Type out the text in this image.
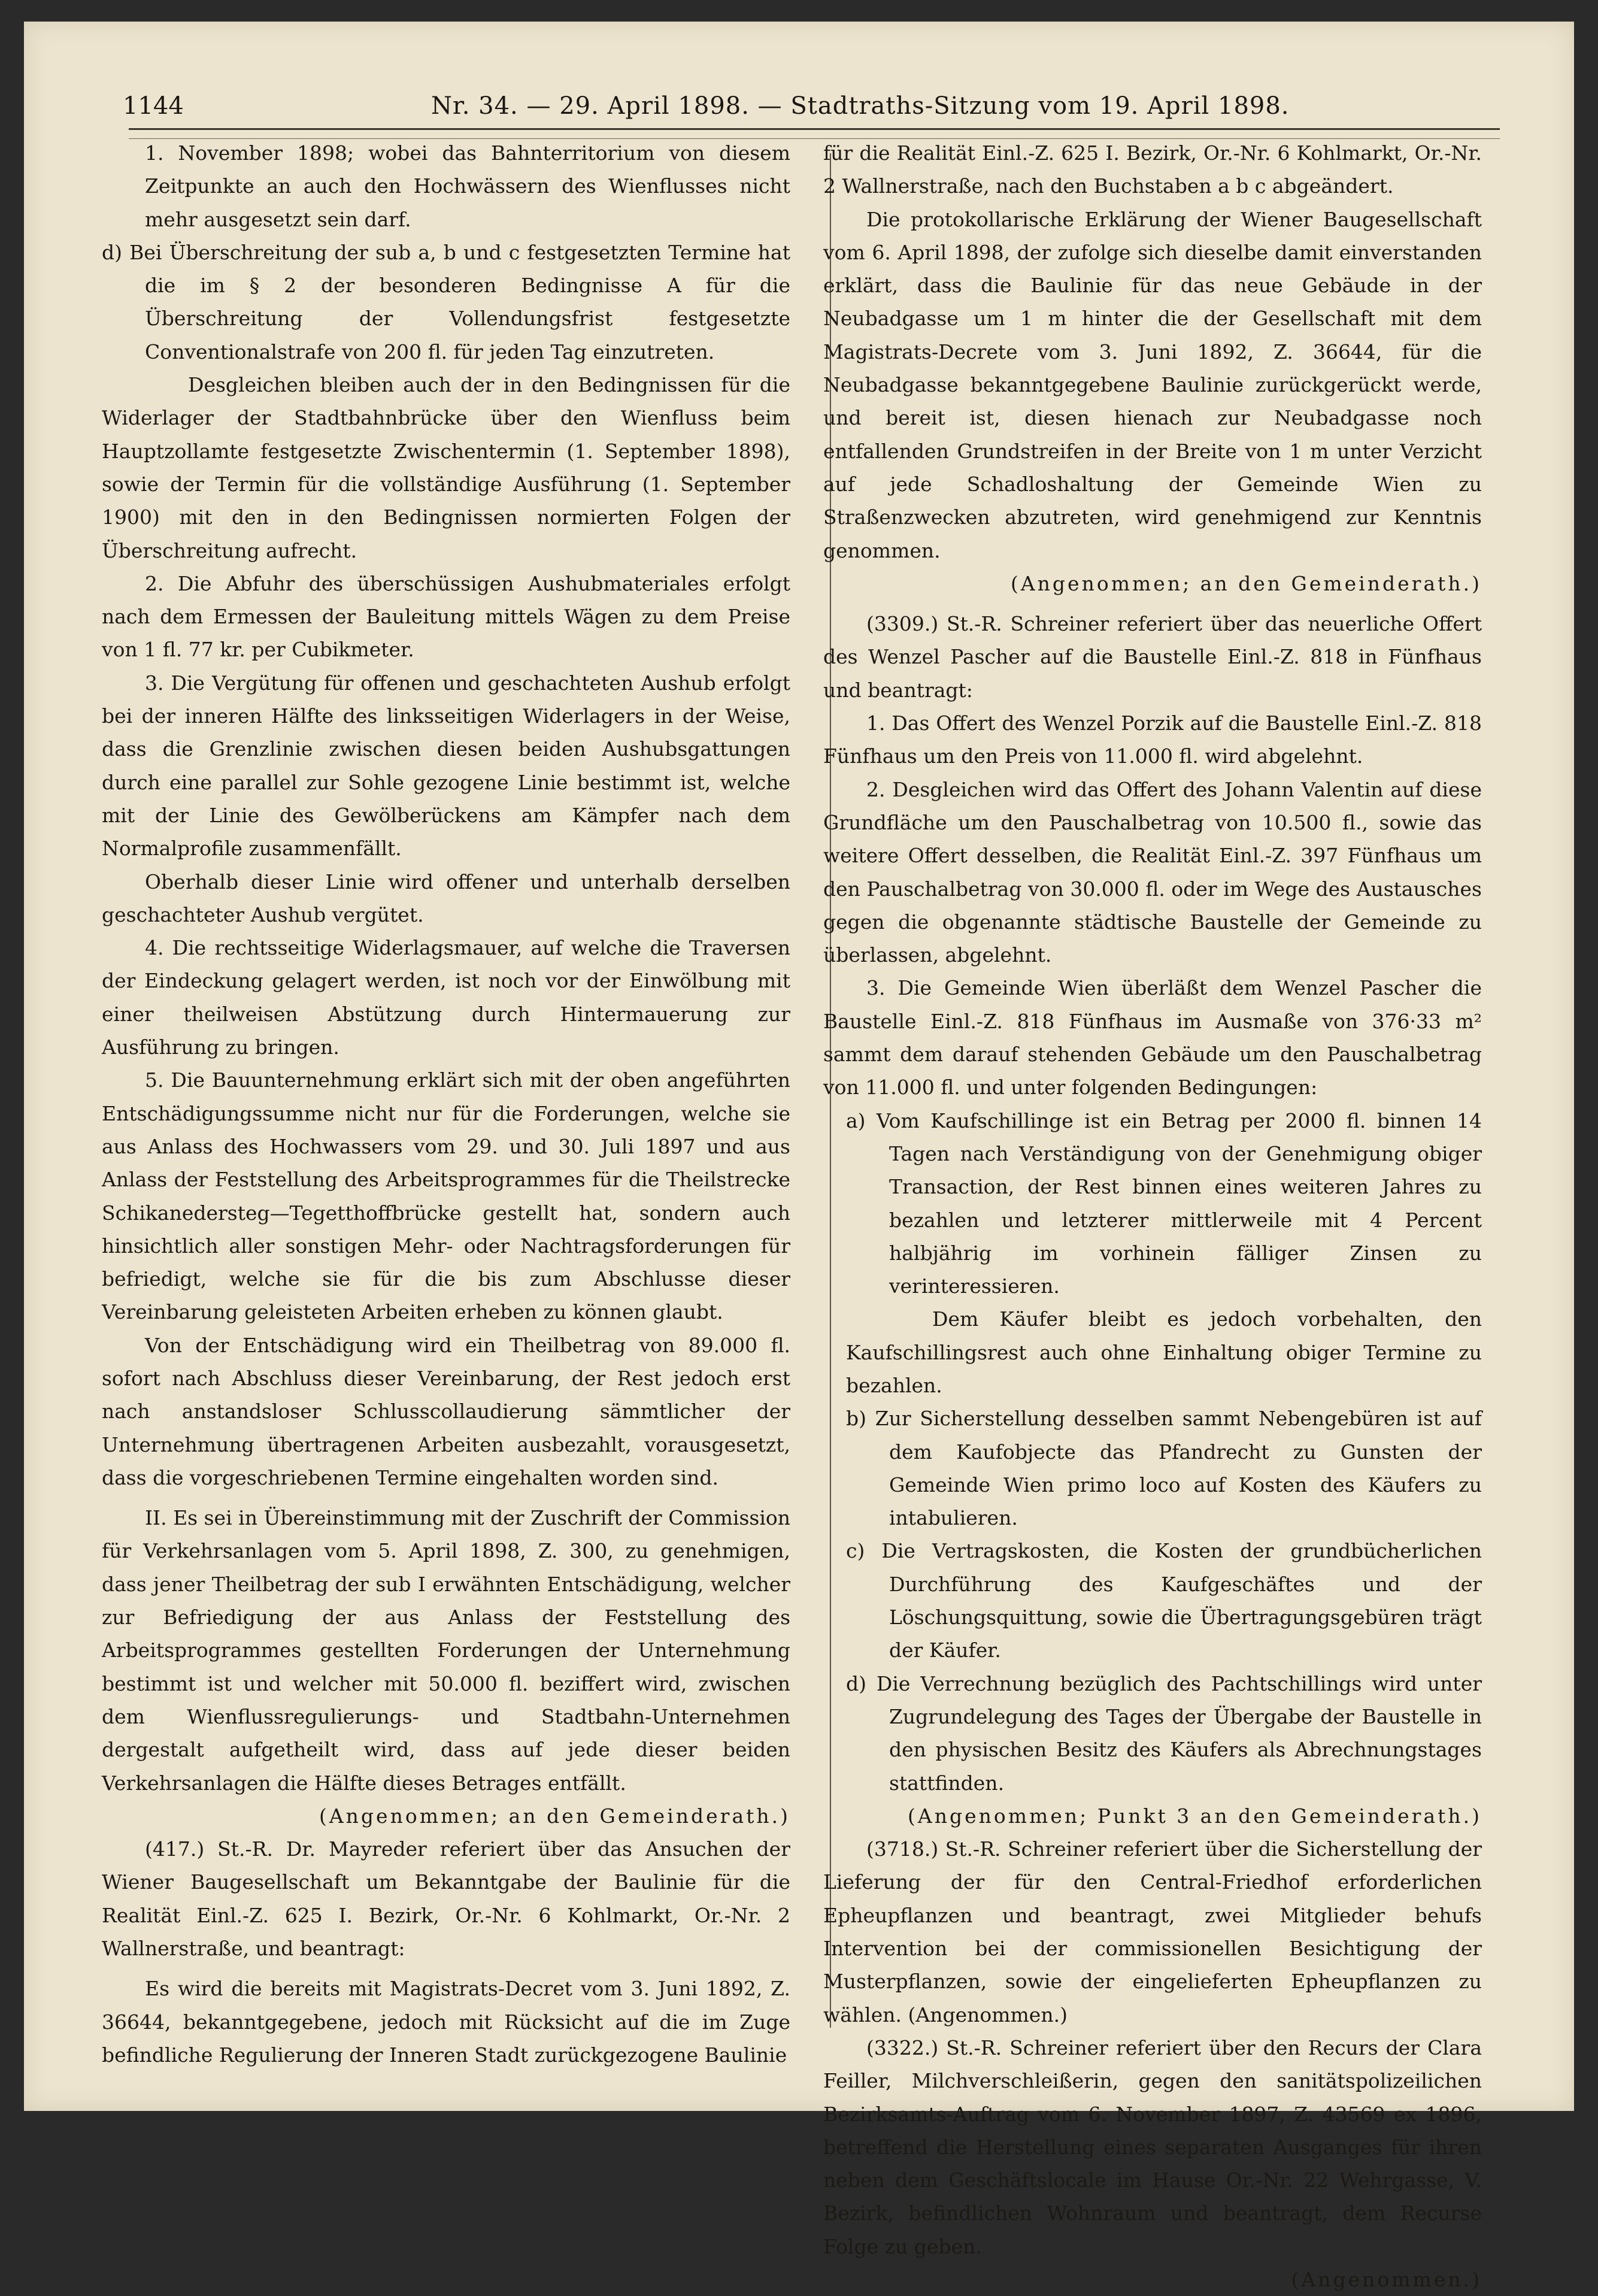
1144	Nr. 34. — 29. April 1898. — Stadtraths-Sitzung vom 19. April 1898.

1. November 1898; wobei das Bahnterritorium von diesem Zeitpunkte an auch den Hochwässern des Wienflusses nicht mehr ausgesetzt sein darf.

d) Bei Überschreitung der sub a, b und c festgesetzten Termine hat die im § 2 der besonderen Bedingnisse A für die Überschreitung der Vollendungsfrist festgesetzte Conventionalstrafe von 200 fl. für jeden Tag einzutreten.

Desgleichen bleiben auch der in den Bedingnissen für die Widerlager der Stadtbahnbrücke über den Wienfluss beim Hauptzollamte festgesetzte Zwischentermin (1. September 1898), sowie der Termin für die vollständige Ausführung (1. September 1900) mit den in den Bedingnissen normierten Folgen der Überschreitung aufrecht.

2. Die Abfuhr des überschüssigen Aushubmateriales erfolgt nach dem Ermessen der Bauleitung mittels Wägen zu dem Preise von 1 fl. 77 kr. per Cubikmeter.

3. Die Vergütung für offenen und geschachteten Aushub erfolgt bei der inneren Hälfte des linksseitigen Widerlagers in der Weise, dass die Grenzlinie zwischen diesen beiden Aushubsgattungen durch eine parallel zur Sohle gezogene Linie bestimmt ist, welche mit der Linie des Gewölberückens am Kämpfer nach dem Normalprofile zusammenfällt.

Oberhalb dieser Linie wird offener und unterhalb derselben geschachteter Aushub vergütet.

4. Die rechtsseitige Widerlagsmauer, auf welche die Traversen der Eindeckung gelagert werden, ist noch vor der Einwölbung mit einer theilweisen Abstützung durch Hintermauerung zur Ausführung zu bringen.

5. Die Bauunternehmung erklärt sich mit der oben angeführten Entschädigungssumme nicht nur für die Forderungen, welche sie aus Anlass des Hochwassers vom 29. und 30. Juli 1897 und aus Anlass der Feststellung des Arbeitsprogrammes für die Theilstrecke Schikanedersteg—Tegetthoffbrücke gestellt hat, sondern auch hinsichtlich aller sonstigen Mehr- oder Nachtragsforderungen für befriedigt, welche sie für die bis zum Abschlusse dieser Vereinbarung geleisteten Arbeiten erheben zu können glaubt.

Von der Entschädigung wird ein Theilbetrag von 89.000 fl. sofort nach Abschluss dieser Vereinbarung, der Rest jedoch erst nach anstandsloser Schlusscollaudierung sämmtlicher der Unternehmung übertragenen Arbeiten ausbezahlt, vorausgesetzt, dass die vorgeschriebenen Termine eingehalten worden sind.

II. Es sei in Übereinstimmung mit der Zuschrift der Commission für Verkehrsanlagen vom 5. April 1898, Z. 300, zu genehmigen, dass jener Theilbetrag der sub I erwähnten Entschädigung, welcher zur Befriedigung der aus Anlass der Feststellung des Arbeitsprogrammes gestellten Forderungen der Unternehmung bestimmt ist und welcher mit 50.000 fl. beziffert wird, zwischen dem Wienflussregulierungs- und Stadtbahn-Unternehmen dergestalt aufgetheilt wird, dass auf jede dieser beiden Verkehrsanlagen die Hälfte dieses Betrages entfällt.

(Angenommen; an den Gemeinderath.)

(417.) St.-R. Dr. Mayreder referiert über das Ansuchen der Wiener Baugesellschaft um Bekanntgabe der Baulinie für die Realität Einl.-Z. 625 I. Bezirk, Or.-Nr. 6 Kohlmarkt, Or.-Nr. 2 Wallnerstraße, und beantragt:

Es wird die bereits mit Magistrats-Decret vom 3. Juni 1892, Z. 36644, bekanntgegebene, jedoch mit Rücksicht auf die im Zuge befindliche Regulierung der Inneren Stadt zurückgezogene Baulinie

für die Realität Einl.-Z. 625 I. Bezirk, Or.-Nr. 6 Kohlmarkt, Or.-Nr. 2 Wallnerstraße, nach den Buchstaben a b c abgeändert.

Die protokollarische Erklärung der Wiener Baugesellschaft vom 6. April 1898, der zufolge sich dieselbe damit einverstanden erklärt, dass die Baulinie für das neue Gebäude in der Neubadgasse um 1 m hinter die der Gesellschaft mit dem Magistrats-Decrete vom 3. Juni 1892, Z. 36644, für die Neubadgasse bekanntgegebene Baulinie zurückgerückt werde, und bereit ist, diesen hienach zur Neubadgasse noch entfallenden Grundstreifen in der Breite von 1 m unter Verzicht auf jede Schadloshaltung der Gemeinde Wien zu Straßenzwecken abzutreten, wird genehmigend zur Kenntnis genommen.

(Angenommen; an den Gemeinderath.)

(3309.) St.-R. Schreiner referiert über das neuerliche Offert des Wenzel Pascher auf die Baustelle Einl.-Z. 818 in Fünfhaus und beantragt:

1. Das Offert des Wenzel Porzik auf die Baustelle Einl.-Z. 818 Fünfhaus um den Preis von 11.000 fl. wird abgelehnt.

2. Desgleichen wird das Offert des Johann Valentin auf diese Grundfläche um den Pauschalbetrag von 10.500 fl., sowie das weitere Offert desselben, die Realität Einl.-Z. 397 Fünfhaus um den Pauschalbetrag von 30.000 fl. oder im Wege des Austausches gegen die obgenannte städtische Baustelle der Gemeinde zu überlassen, abgelehnt.

3. Die Gemeinde Wien überläßt dem Wenzel Pascher die Baustelle Einl.-Z. 818 Fünfhaus im Ausmaße von 376·33 m² sammt dem darauf stehenden Gebäude um den Pauschalbetrag von 11.000 fl. und unter folgenden Bedingungen:

a) Vom Kaufschillinge ist ein Betrag per 2000 fl. binnen 14 Tagen nach Verständigung von der Genehmigung obiger Transaction, der Rest binnen eines weiteren Jahres zu bezahlen und letzterer mittlerweile mit 4 Percent halbjährig im vorhinein fälliger Zinsen zu verinteressieren.

Dem Käufer bleibt es jedoch vorbehalten, den Kaufschillingsrest auch ohne Einhaltung obiger Termine zu bezahlen.

b) Zur Sicherstellung desselben sammt Nebengebüren ist auf dem Kaufobjecte das Pfandrecht zu Gunsten der Gemeinde Wien primo loco auf Kosten des Käufers zu intabulieren.

c) Die Vertragskosten, die Kosten der grundbücherlichen Durchführung des Kaufgeschäftes und der Löschungsquittung, sowie die Übertragungsgebüren trägt der Käufer.

d) Die Verrechnung bezüglich des Pachtschillings wird unter Zugrundelegung des Tages der Übergabe der Baustelle in den physischen Besitz des Käufers als Abrechnungstages stattfinden.

(Angenommen; Punkt 3 an den Gemeinderath.)

(3718.) St.-R. Schreiner referiert über die Sicherstellung der Lieferung der für den Central-Friedhof erforderlichen Epheupflanzen und beantragt, zwei Mitglieder behufs Intervention bei der commissionellen Besichtigung der Musterpflanzen, sowie der eingelieferten Epheupflanzen zu wählen. (Angenommen.)

(3322.) St.-R. Schreiner referiert über den Recurs der Clara Feiller, Milchverschleißerin, gegen den sanitätspolizeilichen Bezirksamts-Auftrag vom 6. November 1897, Z. 43569 ex 1896, betreffend die Herstellung eines separaten Ausganges für ihren neben dem Geschäftslocale im Hause Or.-Nr. 22 Wehrgasse, V. Bezirk, befindlichen Wohnraum und beantragt, dem Recurse Folge zu geben.

(Angenommen.)
